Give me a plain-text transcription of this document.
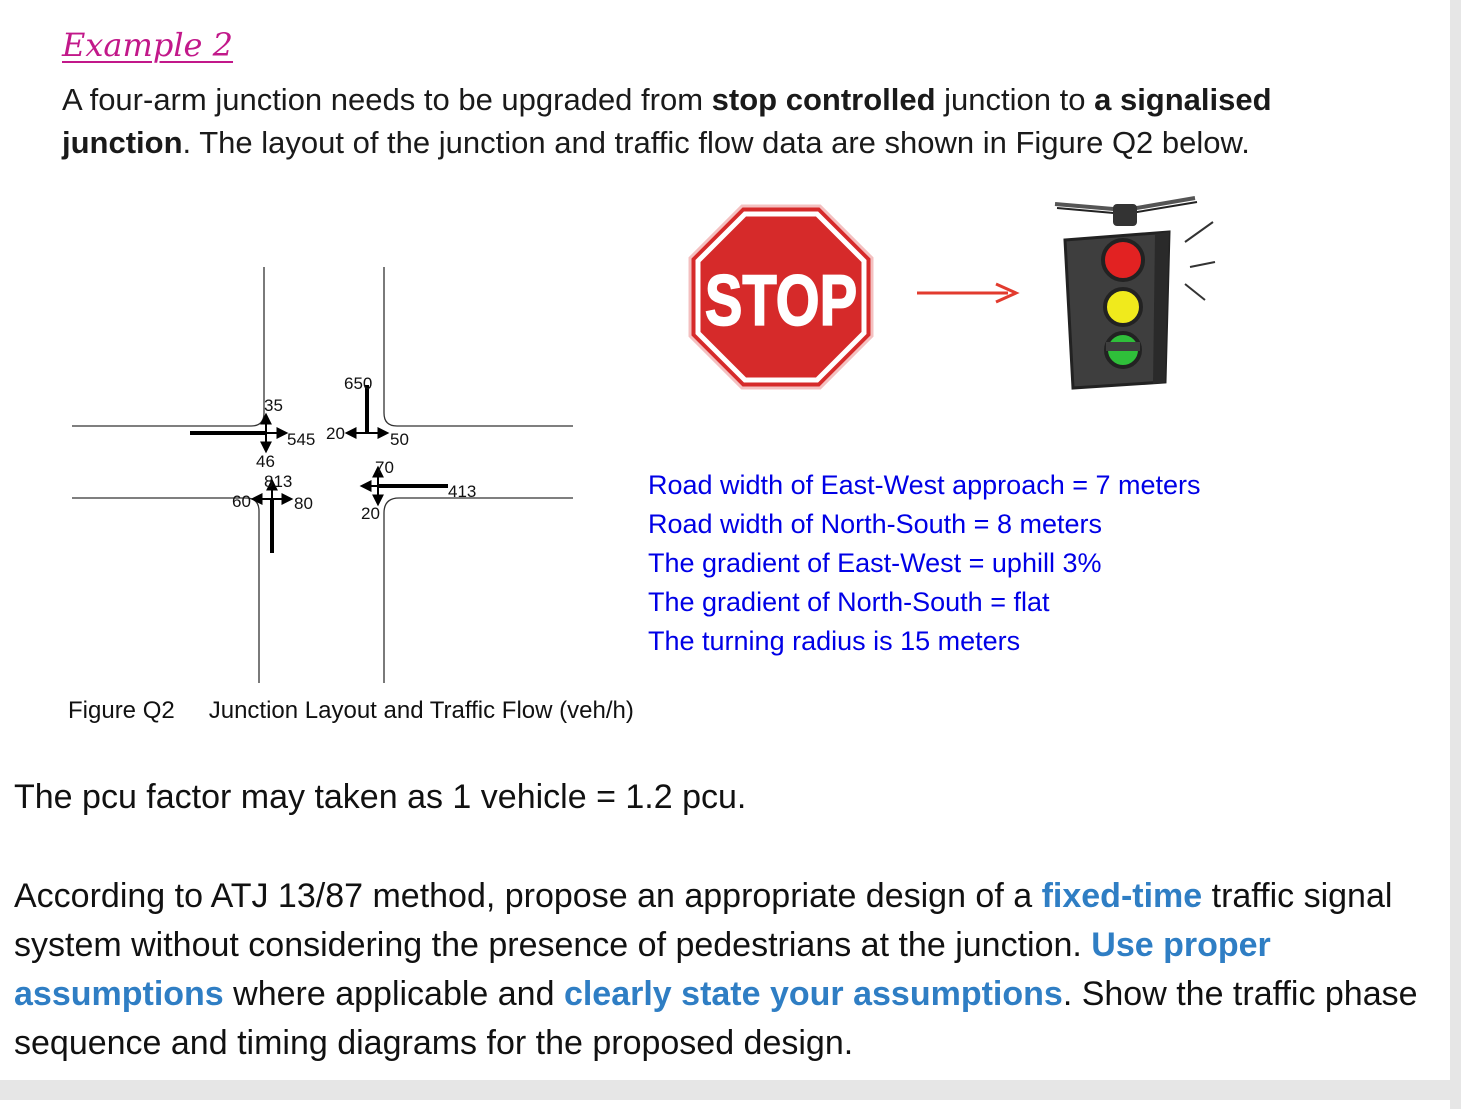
Example 2
A four-arm junction needs to be upgraded from stop controlled junction to a signalised junction. The layout of the junction and traffic flow data are shown in Figure Q2 below.
35
545
46
650
20	50
813
60	80
70
413
20
STOP
Road width of East-West approach = 7 meters
Road width of North-South = 8 meters
The gradient of East-West = uphill 3%
The gradient of North-South = flat
The turning radius is 15 meters
Figure Q2 Junction Layout and Traffic Flow (veh/h)
The pcu factor may taken as 1 vehicle = 1.2 pcu.
According to ATJ 13/87 method, propose an appropriate design of a fixed-time traffic signal system without considering the presence of pedestrians at the junction. Use proper assumptions where applicable and clearly state your assumptions. Show the traffic phase sequence and timing diagrams for the proposed design.
